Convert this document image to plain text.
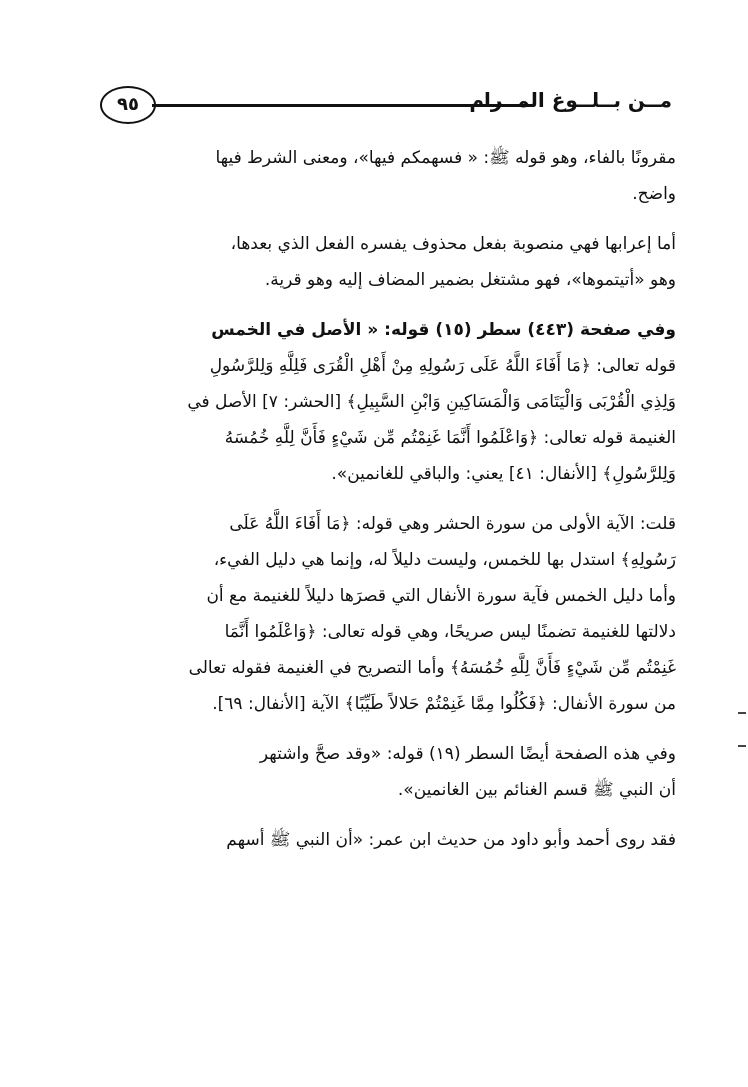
٩٥	مــن بــلــوغ المــرام
مقرونًا بالفاء، وهو قوله ﷺ: « فسهمكم فيها»، ومعنى الشرط فيها
واضح.
أما إعرابها فهي منصوبة بفعل محذوف يفسره الفعل الذي بعدها،
وهو «أتيتموها»، فهو مشتغل بضمير المضاف إليه وهو قرية.
وفي صفحة (٤٤٣) سطر (١٥) قوله: « الأصل في الخمس
قوله تعالى: ﴿مَا أَفَاءَ اللَّهُ عَلَى رَسُولِهِ مِنْ أَهْلِ الْقُرَى فَلِلَّهِ وَلِلرَّسُولِ
وَلِذِي الْقُرْبَى وَالْيَتَامَى وَالْمَسَاكِينِ وَابْنِ السَّبِيلِ﴾ [الحشر: ٧] الأصل في
الغنيمة قوله تعالى: ﴿وَاعْلَمُوا أَنَّمَا غَنِمْتُم مِّن شَيْءٍ فَأَنَّ لِلَّهِ خُمُسَهُ
وَلِلرَّسُولِ﴾ [الأنفال: ٤١] يعني: والباقي للغانمين».
قلت: الآية الأولى من سورة الحشر وهي قوله: ﴿مَا أَفَاءَ اللَّهُ عَلَى
رَسُولِهِ﴾ استدل بها للخمس، وليست دليلاً له، وإنما هي دليل الفيء،
وأما دليل الخمس فآية سورة الأنفال التي قصرَها دليلاً للغنيمة مع أن
دلالتها للغنيمة تضمنًا ليس صريحًا، وهي قوله تعالى: ﴿وَاعْلَمُوا أَنَّمَا
غَنِمْتُم مِّن شَيْءٍ فَأَنَّ لِلَّهِ خُمُسَهُ﴾ وأما التصريح في الغنيمة فقوله تعالى
من سورة الأنفال: ﴿فَكُلُوا مِمَّا غَنِمْتُمْ حَلالاً طَيِّبًا﴾ الآية [الأنفال: ٦٩].
وفي هذه الصفحة أيضًا السطر (١٩) قوله: «وقد صحَّ واشتهر
أن النبي ﷺ قسم الغنائم بين الغانمين».
فقد روى أحمد وأبو داود من حديث ابن عمر: «أن النبي ﷺ أسهم
